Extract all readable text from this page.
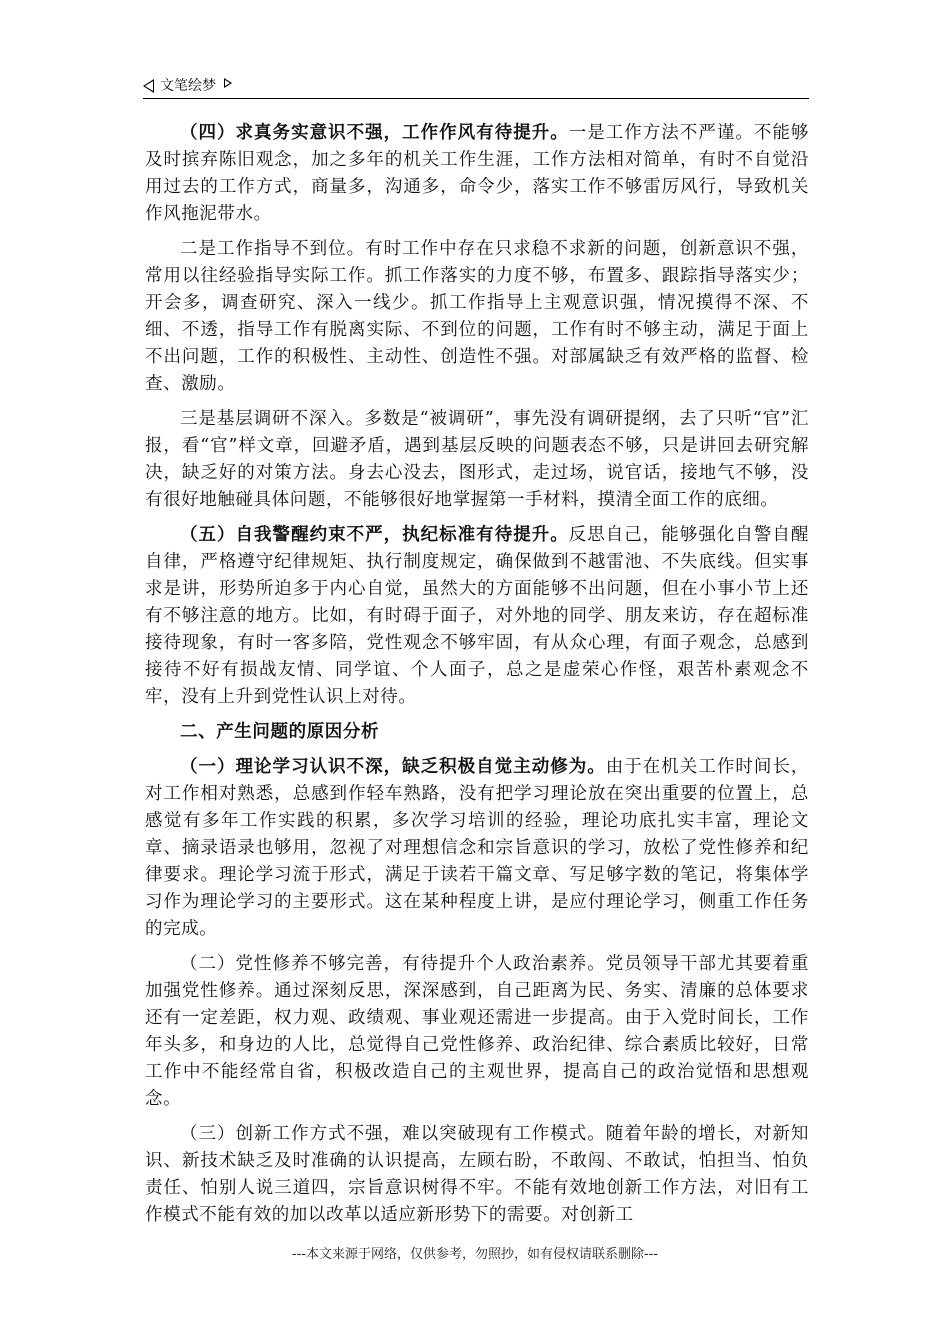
文笔绘梦

（四）求真务实意识不强，工作作风有待提升。一是工作方法不严谨。不能够及时摈弃陈旧观念，加之多年的机关工作生涯，工作方法相对简单，有时不自觉沿用过去的工作方式，商量多，沟通多，命令少，落实工作不够雷厉风行，导致机关作风拖泥带水。

二是工作指导不到位。有时工作中存在只求稳不求新的问题，创新意识不强，常用以往经验指导实际工作。抓工作落实的力度不够，布置多、跟踪指导落实少；开会多，调查研究、深入一线少。抓工作指导上主观意识强，情况摸得不深、不细、不透，指导工作有脱离实际、不到位的问题，工作有时不够主动，满足于面上不出问题，工作的积极性、主动性、创造性不强。对部属缺乏有效严格的监督、检查、激励。

三是基层调研不深入。多数是“被调研”，事先没有调研提纲，去了只听“官”汇报，看“官”样文章，回避矛盾，遇到基层反映的问题表态不够，只是讲回去研究解决，缺乏好的对策方法。身去心没去，图形式，走过场，说官话，接地气不够，没有很好地触碰具体问题，不能够很好地掌握第一手材料，摸清全面工作的底细。

（五）自我警醒约束不严，执纪标准有待提升。反思自己，能够强化自警自醒自律，严格遵守纪律规矩、执行制度规定，确保做到不越雷池、不失底线。但实事求是讲，形势所迫多于内心自觉，虽然大的方面能够不出问题，但在小事小节上还有不够注意的地方。比如，有时碍于面子，对外地的同学、朋友来访，存在超标准接待现象，有时一客多陪，党性观念不够牢固，有从众心理，有面子观念，总感到接待不好有损战友情、同学谊、个人面子，总之是虚荣心作怪，艰苦朴素观念不牢，没有上升到党性认识上对待。

二、产生问题的原因分析

（一）理论学习认识不深，缺乏积极自觉主动修为。由于在机关工作时间长，对工作相对熟悉，总感到作轻车熟路，没有把学习理论放在突出重要的位置上，总感觉有多年工作实践的积累，多次学习培训的经验，理论功底扎实丰富，理论文章、摘录语录也够用，忽视了对理想信念和宗旨意识的学习，放松了党性修养和纪律要求。理论学习流于形式，满足于读若干篇文章、写足够字数的笔记，将集体学习作为理论学习的主要形式。这在某种程度上讲，是应付理论学习，侧重工作任务的完成。

（二）党性修养不够完善，有待提升个人政治素养。党员领导干部尤其要着重加强党性修养。通过深刻反思，深深感到，自己距离为民、务实、清廉的总体要求还有一定差距，权力观、政绩观、事业观还需进一步提高。由于入党时间长，工作年头多，和身边的人比，总觉得自己党性修养、政治纪律、综合素质比较好，日常工作中不能经常自省，积极改造自己的主观世界，提高自己的政治觉悟和思想观念。

（三）创新工作方式不强，难以突破现有工作模式。随着年龄的增长，对新知识、新技术缺乏及时准确的认识提高，左顾右盼，不敢闯、不敢试，怕担当、怕负责任、怕别人说三道四，宗旨意识树得不牢。不能有效地创新工作方法，对旧有工作模式不能有效的加以改革以适应新形势下的需要。对创新工

---本文来源于网络，仅供参考，勿照抄，如有侵权请联系删除---
